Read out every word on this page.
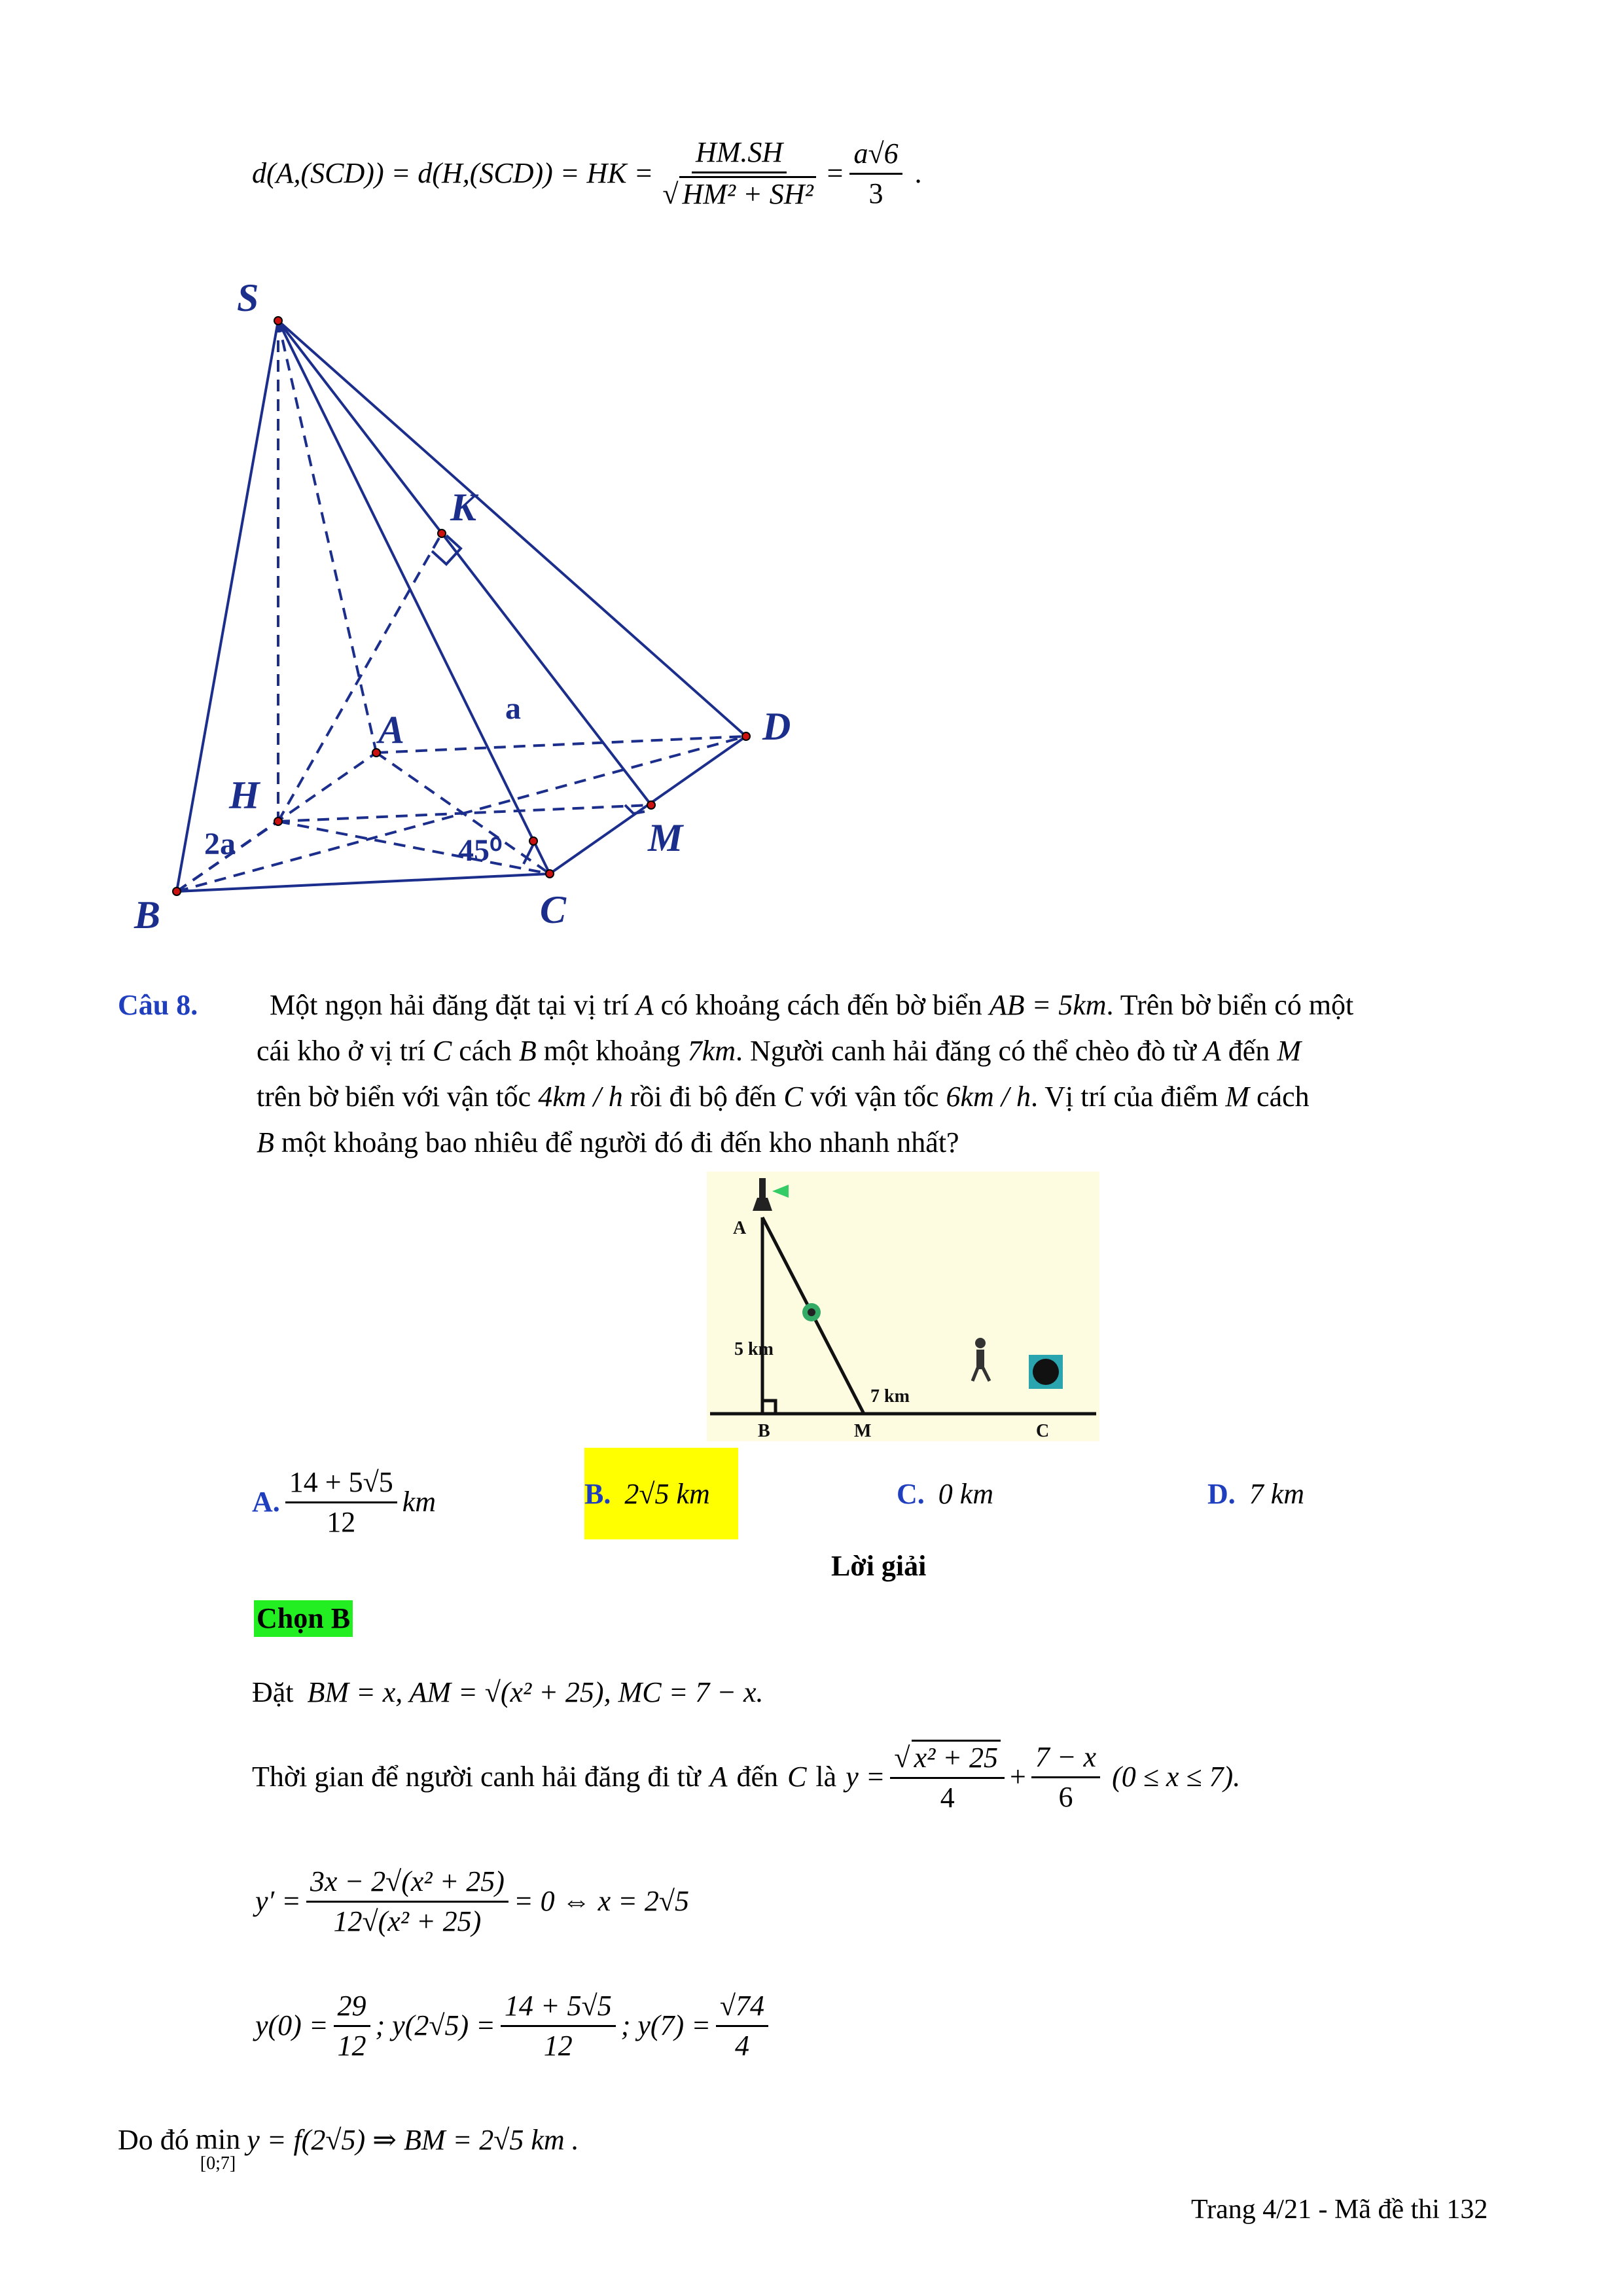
d(A,(SCD)) = d(H,(SCD)) = HK = $\frac{HM.SH}{\text{√ HM² + SH²}} = \frac{a√6}{3}$ .
S
K
A	D
H
M
B	C
a
2a	45⁰
Câu 8. Một ngọn hải đăng đặt tại vị trí A có khoảng cách đến bờ biển AB = 5km. Trên bờ biển có một
cái kho ở vị trí C cách B một khoảng 7km. Người canh hải đăng có thể chèo đò từ A đến M
trên bờ biển với vận tốc 4km / h rồi đi bộ đến C với vận tốc 6km / h. Vị trí của điểm M cách
B một khoảng bao nhiêu để người đó đi đến kho nhanh nhất?
A
5 km
7 km
B	M	C
A. $\frac{14 + 5√5}{12}$ km	B. 2√5 km	C. 0 km	D. 7 km
Lời giải
Chọn B
Đặt BM = x, AM = √(x² + 25), MC = 7 − x.
Thời gian để người canh hải đăng đi từ A đến C là $y = \frac{\text{√ x² + 25}}{4} + \frac{7 - x}{6} (0 \le x \le 7)$.
$y' = \frac{\text{3x − 2√(x² + 25)}}{\text{12√(x² + 25)}} = 0$ ⇔ x = 2√5
$y(0) = \frac{29}{12}$ ; $y(2√5) = \frac{14 + 5√5}{12}$ ; $y(7) = \frac{√74}{4}$
Do đó min
[0;7]
y = f(2√5) ⇒ BM = 2√5 km .
Trang 4/21 - Mã đề thi 132
